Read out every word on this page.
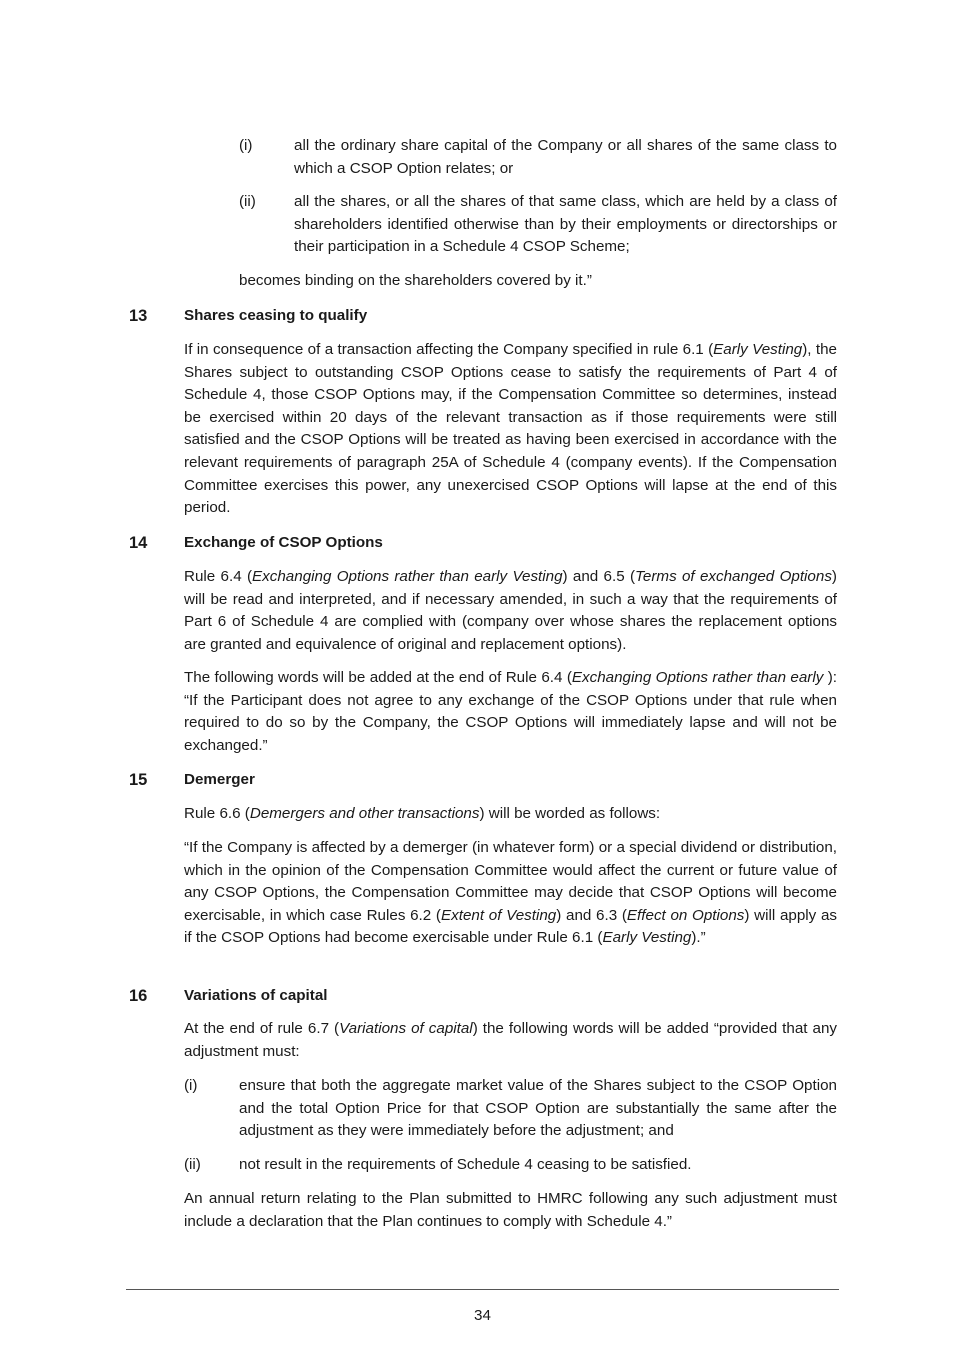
(i)	all the ordinary share capital of the Company or all shares of the same class to which a CSOP Option relates; or
(ii)	all the shares, or all the shares of that same class, which are held by a class of shareholders identified otherwise than by their employments or directorships or their participation in a Schedule 4 CSOP Scheme;
becomes binding on the shareholders covered by it.”
13 Shares ceasing to qualify
If in consequence of a transaction affecting the Company specified in rule 6.1 (Early Vesting), the Shares subject to outstanding CSOP Options cease to satisfy the requirements of Part 4 of Schedule 4, those CSOP Options may, if the Compensation Committee so determines, instead be exercised within 20 days of the relevant transaction as if those requirements were still satisfied and the CSOP Options will be treated as having been exercised in accordance with the relevant requirements of paragraph 25A of Schedule 4 (company events). If the Compensation Committee exercises this power, any unexercised CSOP Options will lapse at the end of this period.
14 Exchange of CSOP Options
Rule 6.4 (Exchanging Options rather than early Vesting) and 6.5 (Terms of exchanged Options) will be read and interpreted, and if necessary amended, in such a way that the requirements of Part 6 of Schedule 4 are complied with (company over whose shares the replacement options are granted and equivalence of original and replacement options).
The following words will be added at the end of Rule 6.4 (Exchanging Options rather than early ): “If the Participant does not agree to any exchange of the CSOP Options under that rule when required to do so by the Company, the CSOP Options will immediately lapse and will not be exchanged.”
15 Demerger
Rule 6.6 (Demergers and other transactions) will be worded as follows:
“If the Company is affected by a demerger (in whatever form) or a special dividend or distribution, which in the opinion of the Compensation Committee would affect the current or future value of any CSOP Options, the Compensation Committee may decide that CSOP Options will become exercisable, in which case Rules 6.2 (Extent of Vesting) and 6.3 (Effect on Options) will apply as if the CSOP Options had become exercisable under Rule 6.1 (Early Vesting).”
16 Variations of capital
At the end of rule 6.7 (Variations of capital) the following words will be added “provided that any adjustment must:
(i)	ensure that both the aggregate market value of the Shares subject to the CSOP Option and the total Option Price for that CSOP Option are substantially the same after the adjustment as they were immediately before the adjustment; and
(ii)	not result in the requirements of Schedule 4 ceasing to be satisfied.
An annual return relating to the Plan submitted to HMRC following any such adjustment must include a declaration that the Plan continues to comply with Schedule 4.”
34
